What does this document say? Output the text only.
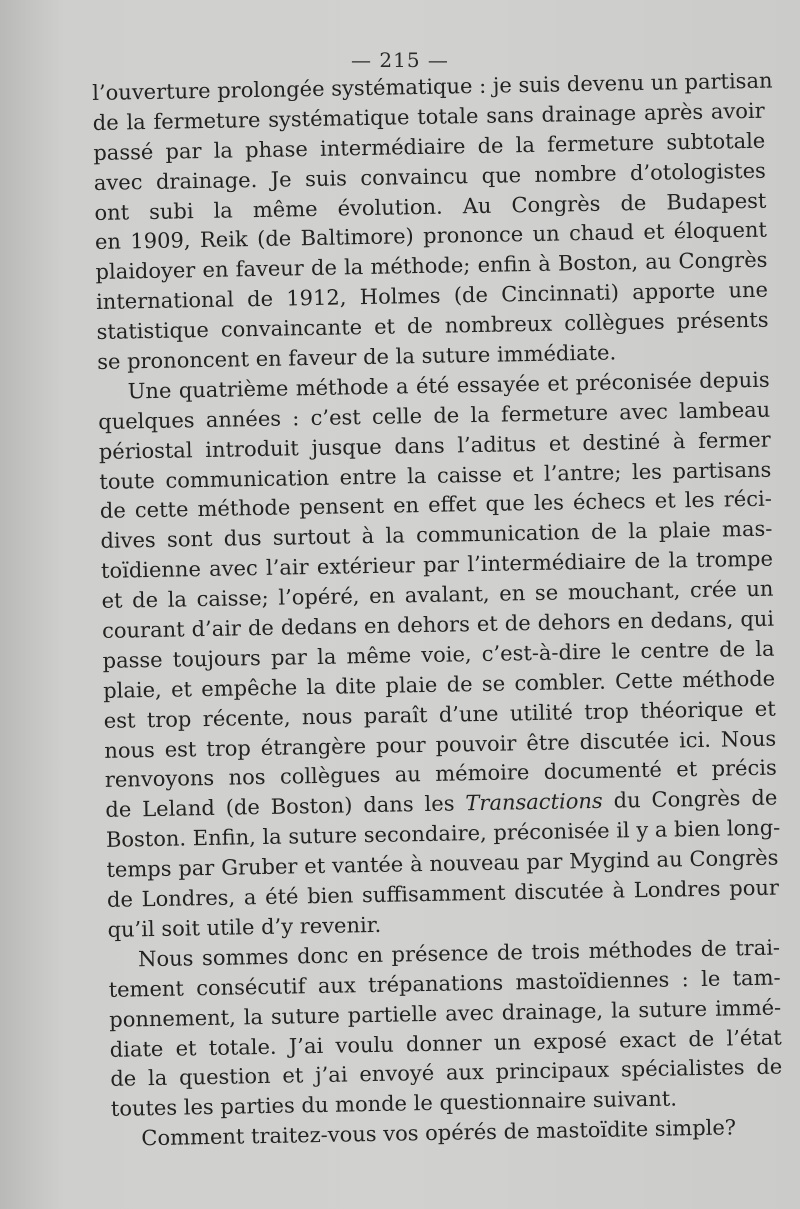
— 215 —
l’ouverture prolongée systématique : je suis devenu un partisan
de la fermeture systématique totale sans drainage après avoir
passé par la phase intermédiaire de la fermeture subtotale
avec drainage. Je suis convaincu que nombre d’otologistes
ont subi la même évolution. Au Congrès de Budapest
en 1909, Reik (de Baltimore) prononce un chaud et éloquent
plaidoyer en faveur de la méthode; enfin à Boston, au Congrès
international de 1912, Holmes (de Cincinnati) apporte une
statistique convaincante et de nombreux collègues présents
se prononcent en faveur de la suture immédiate.
Une quatrième méthode a été essayée et préconisée depuis
quelques années : c’est celle de la fermeture avec lambeau
périostal introduit jusque dans l’aditus et destiné à fermer
toute communication entre la caisse et l’antre; les partisans
de cette méthode pensent en effet que les échecs et les réci-
dives sont dus surtout à la communication de la plaie mas-
toïdienne avec l’air extérieur par l’intermédiaire de la trompe
et de la caisse; l’opéré, en avalant, en se mouchant, crée un
courant d’air de dedans en dehors et de dehors en dedans, qui
passe toujours par la même voie, c’est-à-dire le centre de la
plaie, et empêche la dite plaie de se combler. Cette méthode
est trop récente, nous paraît d’une utilité trop théorique et
nous est trop étrangère pour pouvoir être discutée ici. Nous
renvoyons nos collègues au mémoire documenté et précis
de Leland (de Boston) dans les Transactions du Congrès de
Boston. Enfin, la suture secondaire, préconisée il y a bien long-
temps par Gruber et vantée à nouveau par Mygind au Congrès
de Londres, a été bien suffisamment discutée à Londres pour
qu’il soit utile d’y revenir.
Nous sommes donc en présence de trois méthodes de trai-
tement consécutif aux trépanations mastoïdiennes : le tam-
ponnement, la suture partielle avec drainage, la suture immé-
diate et totale. J’ai voulu donner un exposé exact de l’état
de la question et j’ai envoyé aux principaux spécialistes de
toutes les parties du monde le questionnaire suivant.
Comment traitez-vous vos opérés de mastoïdite simple?
